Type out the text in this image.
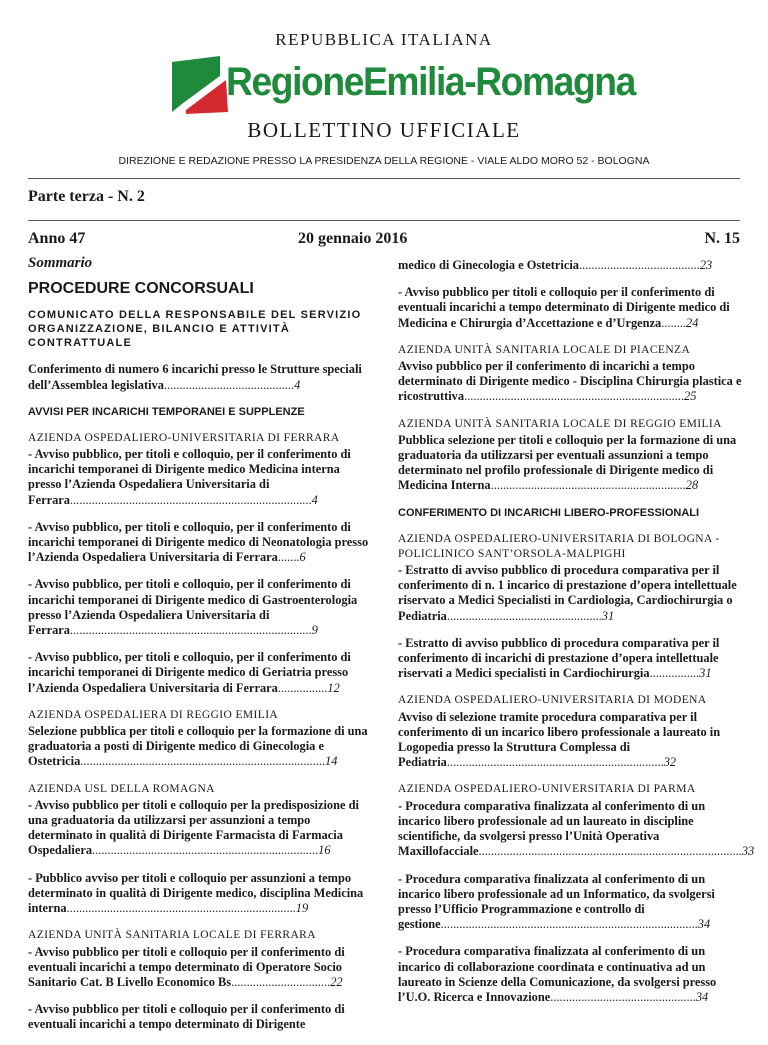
REPUBBLICA ITALIANA
RegioneEmilia-Romagna
BOLLETTINO UFFICIALE
DIREZIONE E REDAZIONE PRESSO LA PRESIDENZA DELLA REGIONE - VIALE ALDO MORO 52 - BOLOGNA
Parte terza - N. 2
Anno 47	20 gennaio 2016	N. 15
Sommario
PROCEDURE CONCORSUALI
COMUNICATO DELLA RESPONSABILE DEL SERVIZIO ORGANIZZAZIONE, BILANCIO E ATTIVITÀ CONTRATTUALE
Conferimento di numero 6 incarichi presso le Strutture speciali dell’Assemblea legislativa..........................................4
AVVISI PER INCARICHI TEMPORANEI E SUPPLENZE
AZIENDA OSPEDALIERO-UNIVERSITARIA DI FERRARA
- Avviso pubblico, per titoli e colloquio, per il conferimento di incarichi temporanei di Dirigente medico Medicina interna presso l’Azienda Ospedaliera Universitaria di Ferrara..............................................................................4
- Avviso pubblico, per titoli e colloquio, per il conferimento di incarichi temporanei di Dirigente medico di Neonatologia presso l’Azienda Ospedaliera Universitaria di Ferrara.......6
- Avviso pubblico, per titoli e colloquio, per il conferimento di incarichi temporanei di Dirigente medico di Gastroenterologia presso l’Azienda Ospedaliera Universitaria di Ferrara..............................................................................9
- Avviso pubblico, per titoli e colloquio, per il conferimento di incarichi temporanei di Dirigente medico di Geriatria presso l’Azienda Ospedaliera Universitaria di Ferrara................12
AZIENDA OSPEDALIERA DI REGGIO EMILIA
Selezione pubblica per titoli e colloquio per la formazione di una graduatoria a posti di Dirigente medico di Ginecologia e Ostetricia...............................................................................14
AZIENDA USL DELLA ROMAGNA
- Avviso pubblico per titoli e colloquio per la predisposizione di una graduatoria da utilizzarsi per assunzioni a tempo determinato in qualità di Dirigente Farmacista di Farmacia Ospedaliera.........................................................................16
- Pubblico avviso per titoli e colloquio per assunzioni a tempo determinato in qualità di Dirigente medico, disciplina Medicina interna..........................................................................19
AZIENDA UNITÀ SANITARIA LOCALE DI FERRARA
- Avviso pubblico per titoli e colloquio per il conferimento di eventuali incarichi a tempo determinato di Operatore Socio Sanitario Cat. B Livello Economico Bs................................22
- Avviso pubblico per titoli e colloquio per il conferimento di eventuali incarichi a tempo determinato di Dirigente
medico di Ginecologia e Ostetricia.......................................23
- Avviso pubblico per titoli e colloquio per il conferimento di eventuali incarichi a tempo determinato di Dirigente medico di Medicina e Chirurgia d’Accettazione e d’Urgenza........24
AZIENDA UNITÀ SANITARIA LOCALE DI PIACENZA
Avviso pubblico per il conferimento di incarichi a tempo determinato di Dirigente medico - Disciplina Chirurgia plastica e ricostruttiva.......................................................................25
AZIENDA UNITÀ SANITARIA LOCALE DI REGGIO EMILIA
Pubblica selezione per titoli e colloquio per la formazione di una graduatoria da utilizzarsi per eventuali assunzioni a tempo determinato nel profilo professionale di Dirigente medico di Medicina Interna...............................................................28
CONFERIMENTO DI INCARICHI LIBERO-PROFESSIONALI
AZIENDA OSPEDALIERO-UNIVERSITARIA DI BOLOGNA - POLICLINICO SANT’ORSOLA-MALPIGHI
- Estratto di avviso pubblico di procedura comparativa per il conferimento di n. 1 incarico di prestazione d’opera intellettuale riservato a Medici Specialisti in Cardiologia, Cardiochirurgia o Pediatria..................................................31
- Estratto di avviso pubblico di procedura comparativa per il conferimento di incarichi di prestazione d’opera intellettuale riservati a Medici specialisti in Cardiochirurgia................31
AZIENDA OSPEDALIERO-UNIVERSITARIA DI MODENA
Avviso di selezione tramite procedura comparativa per il conferimento di un incarico libero professionale a laureato in Logopedia presso la Struttura Complessa di Pediatria......................................................................32
AZIENDA OSPEDALIERO-UNIVERSITARIA DI PARMA
- Procedura comparativa finalizzata al conferimento di un incarico libero professionale ad un laureato in discipline scientifiche, da svolgersi presso l’Unità Operativa Maxillofacciale.....................................................................................33
- Procedura comparativa finalizzata al conferimento di un incarico libero professionale ad un Informatico, da svolgersi presso l’Ufficio Programmazione e controllo di gestione...................................................................................34
- Procedura comparativa finalizzata al conferimento di un incarico di collaborazione coordinata e continuativa ad un laureato in Scienze della Comunicazione, da svolgersi presso l’U.O. Ricerca e Innovazione...............................................34
